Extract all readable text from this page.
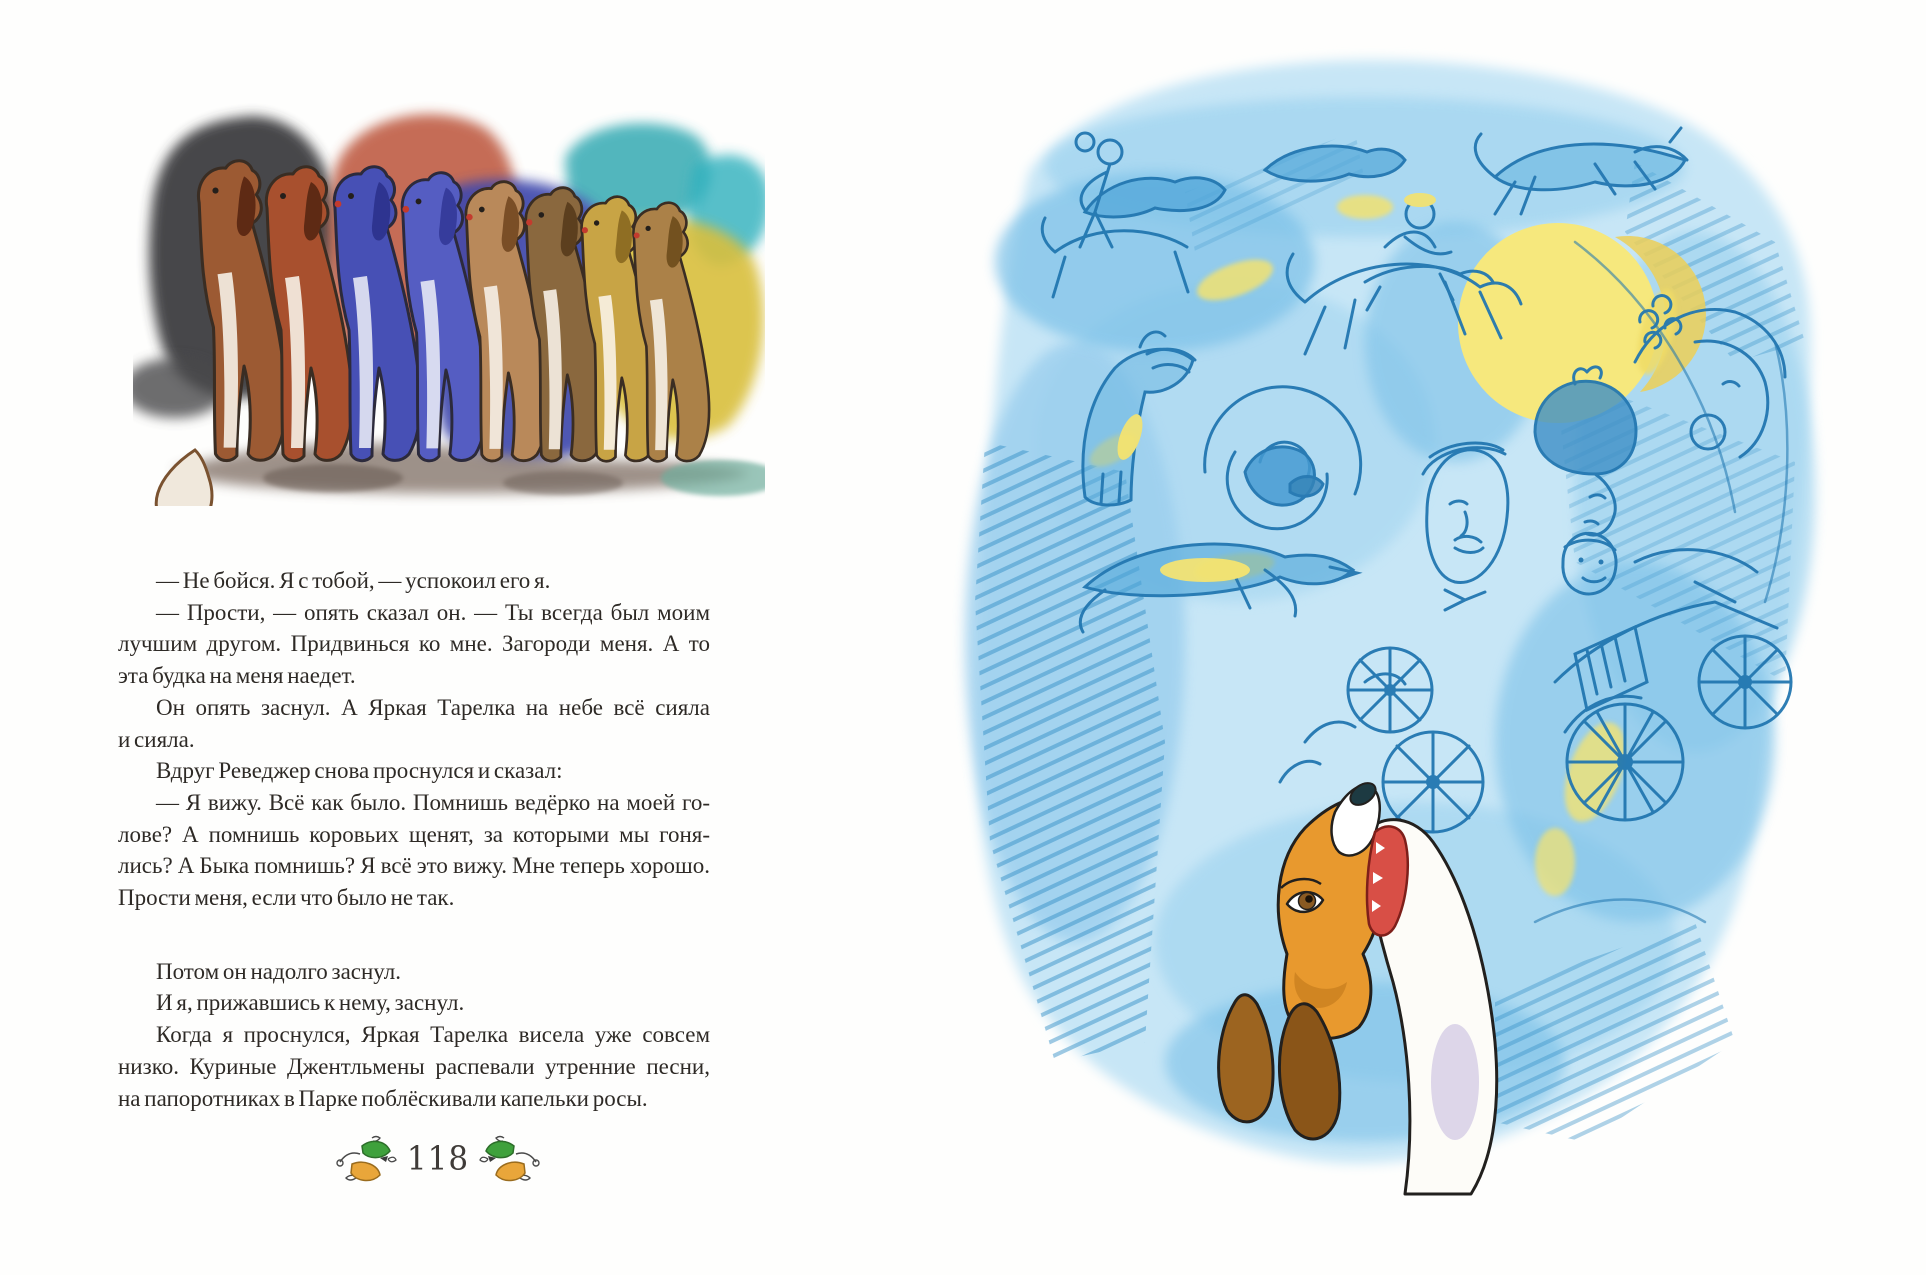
— Не бойся. Я с тобой, — успокоил его я.
— Прости, — опять сказал он. — Ты всегда был моим
лучшим другом. Придвинься ко мне. Загороди меня. А то
эта будка на меня наедет.
Он опять заснул. А Яркая Тарелка на небе всё сияла
и сияла.
Вдруг Реведжер снова проснулся и сказал:
— Я вижу. Всё как было. Помнишь ведёрко на моей го-
лове? А помнишь коровьих щенят, за которыми мы гоня-
лись? А Быка помнишь? Я всё это вижу. Мне теперь хорошо.
Прости меня, если что было не так.
Потом он надолго заснул.
И я, прижавшись к нему, заснул.
Когда я проснулся, Яркая Тарелка висела уже совсем
низко. Куриные Джентльмены распевали утренние песни,
на папоротниках в Парке поблёскивали капельки росы.
118
